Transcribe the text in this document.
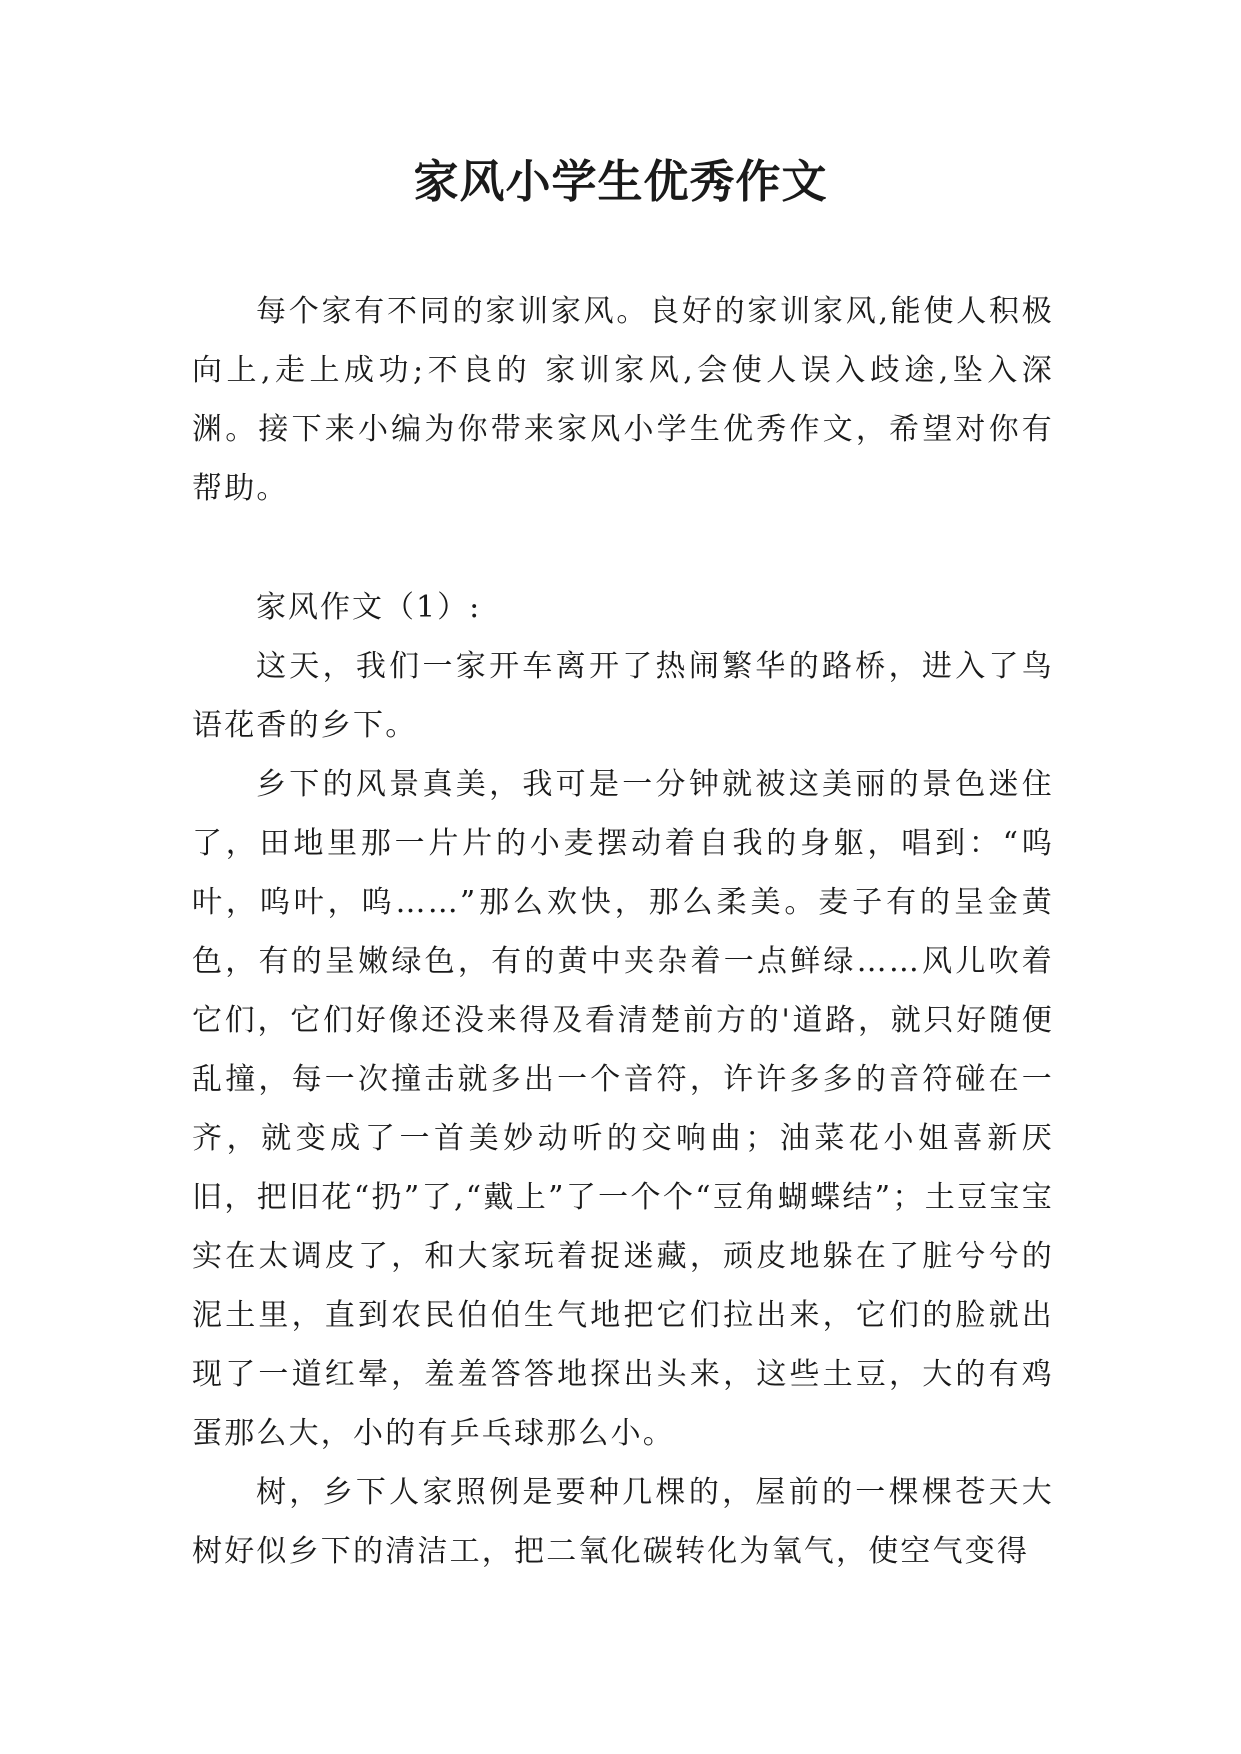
家风小学生优秀作文

每个家有不同的家训家风。良好的家训家风,能使人积极向上,走上成功;不良的 家训家风,会使人误入歧途,坠入深渊。接下来小编为你带来家风小学生优秀作文，希望对你有帮助。

家风作文（1）:

这天，我们一家开车离开了热闹繁华的路桥，进入了鸟语花香的乡下。

乡下的风景真美，我可是一分钟就被这美丽的景色迷住了，田地里那一片片的小麦摆动着自我的身躯，唱到：“呜叶，呜叶，呜……”那么欢快，那么柔美。麦子有的呈金黄色，有的呈嫩绿色，有的黄中夹杂着一点鲜绿……风儿吹着它们，它们好像还没来得及看清楚前方的'道路，就只好随便乱撞，每一次撞击就多出一个音符，许许多多的音符碰在一齐，就变成了一首美妙动听的交响曲；油菜花小姐喜新厌旧，把旧花“扔”了,“戴上”了一个个“豆角蝴蝶结”；土豆宝宝实在太调皮了，和大家玩着捉迷藏，顽皮地躲在了脏兮兮的泥土里，直到农民伯伯生气地把它们拉出来，它们的脸就出现了一道红晕，羞羞答答地探出头来，这些土豆，大的有鸡蛋那么大，小的有乒乓球那么小。

树，乡下人家照例是要种几棵的，屋前的一棵棵苍天大树好似乡下的清洁工，把二氧化碳转化为氧气，使空气变得
